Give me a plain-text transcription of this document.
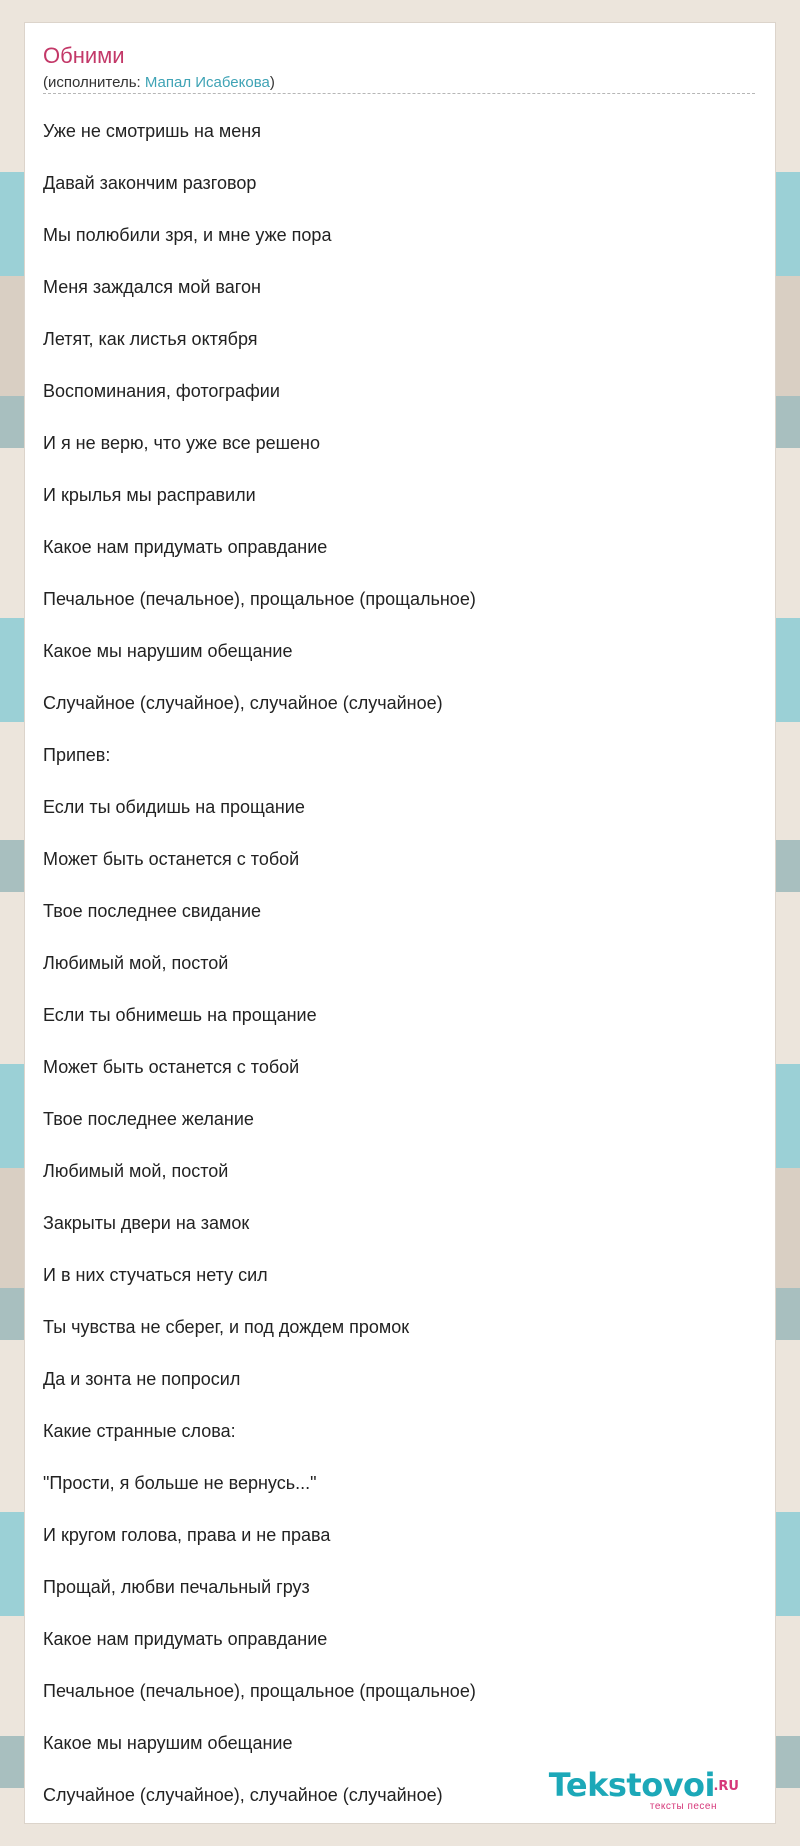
Обними
(исполнитель: Мапал Исабекова)
Уже не смотришь на меня
Давай закончим разговор
Мы полюбили зря, и мне уже пора
Меня заждался мой вагон
Летят, как листья октября
Воспоминания, фотографии
И я не верю, что уже все решено
И крылья мы расправили
Какое нам придумать оправдание
Печальное (печальное), прощальное (прощальное)
Какое мы нарушим обещание
Случайное (случайное), случайное (случайное)
Припев:
Если ты обидишь на прощание
Может быть останется с тобой
Твое последнее свидание
Любимый мой, постой
Если ты обнимешь на прощание
Может быть останется с тобой
Твое последнее желание
Любимый мой, постой
Закрыты двери на замок
И в них стучаться нету сил
Ты чувства не сберег, и под дождем промок
Да и зонта не попросил
Какие странные слова:
"Прости, я больше не вернусь..."
И кругом голова, права и не права
Прощай, любви печальный груз
Какое нам придумать оправдание
Печальное (печальное), прощальное (прощальное)
Какое мы нарушим обещание
Случайное (случайное), случайное (случайное)	Tekstovoi
.RU
тексты песен
